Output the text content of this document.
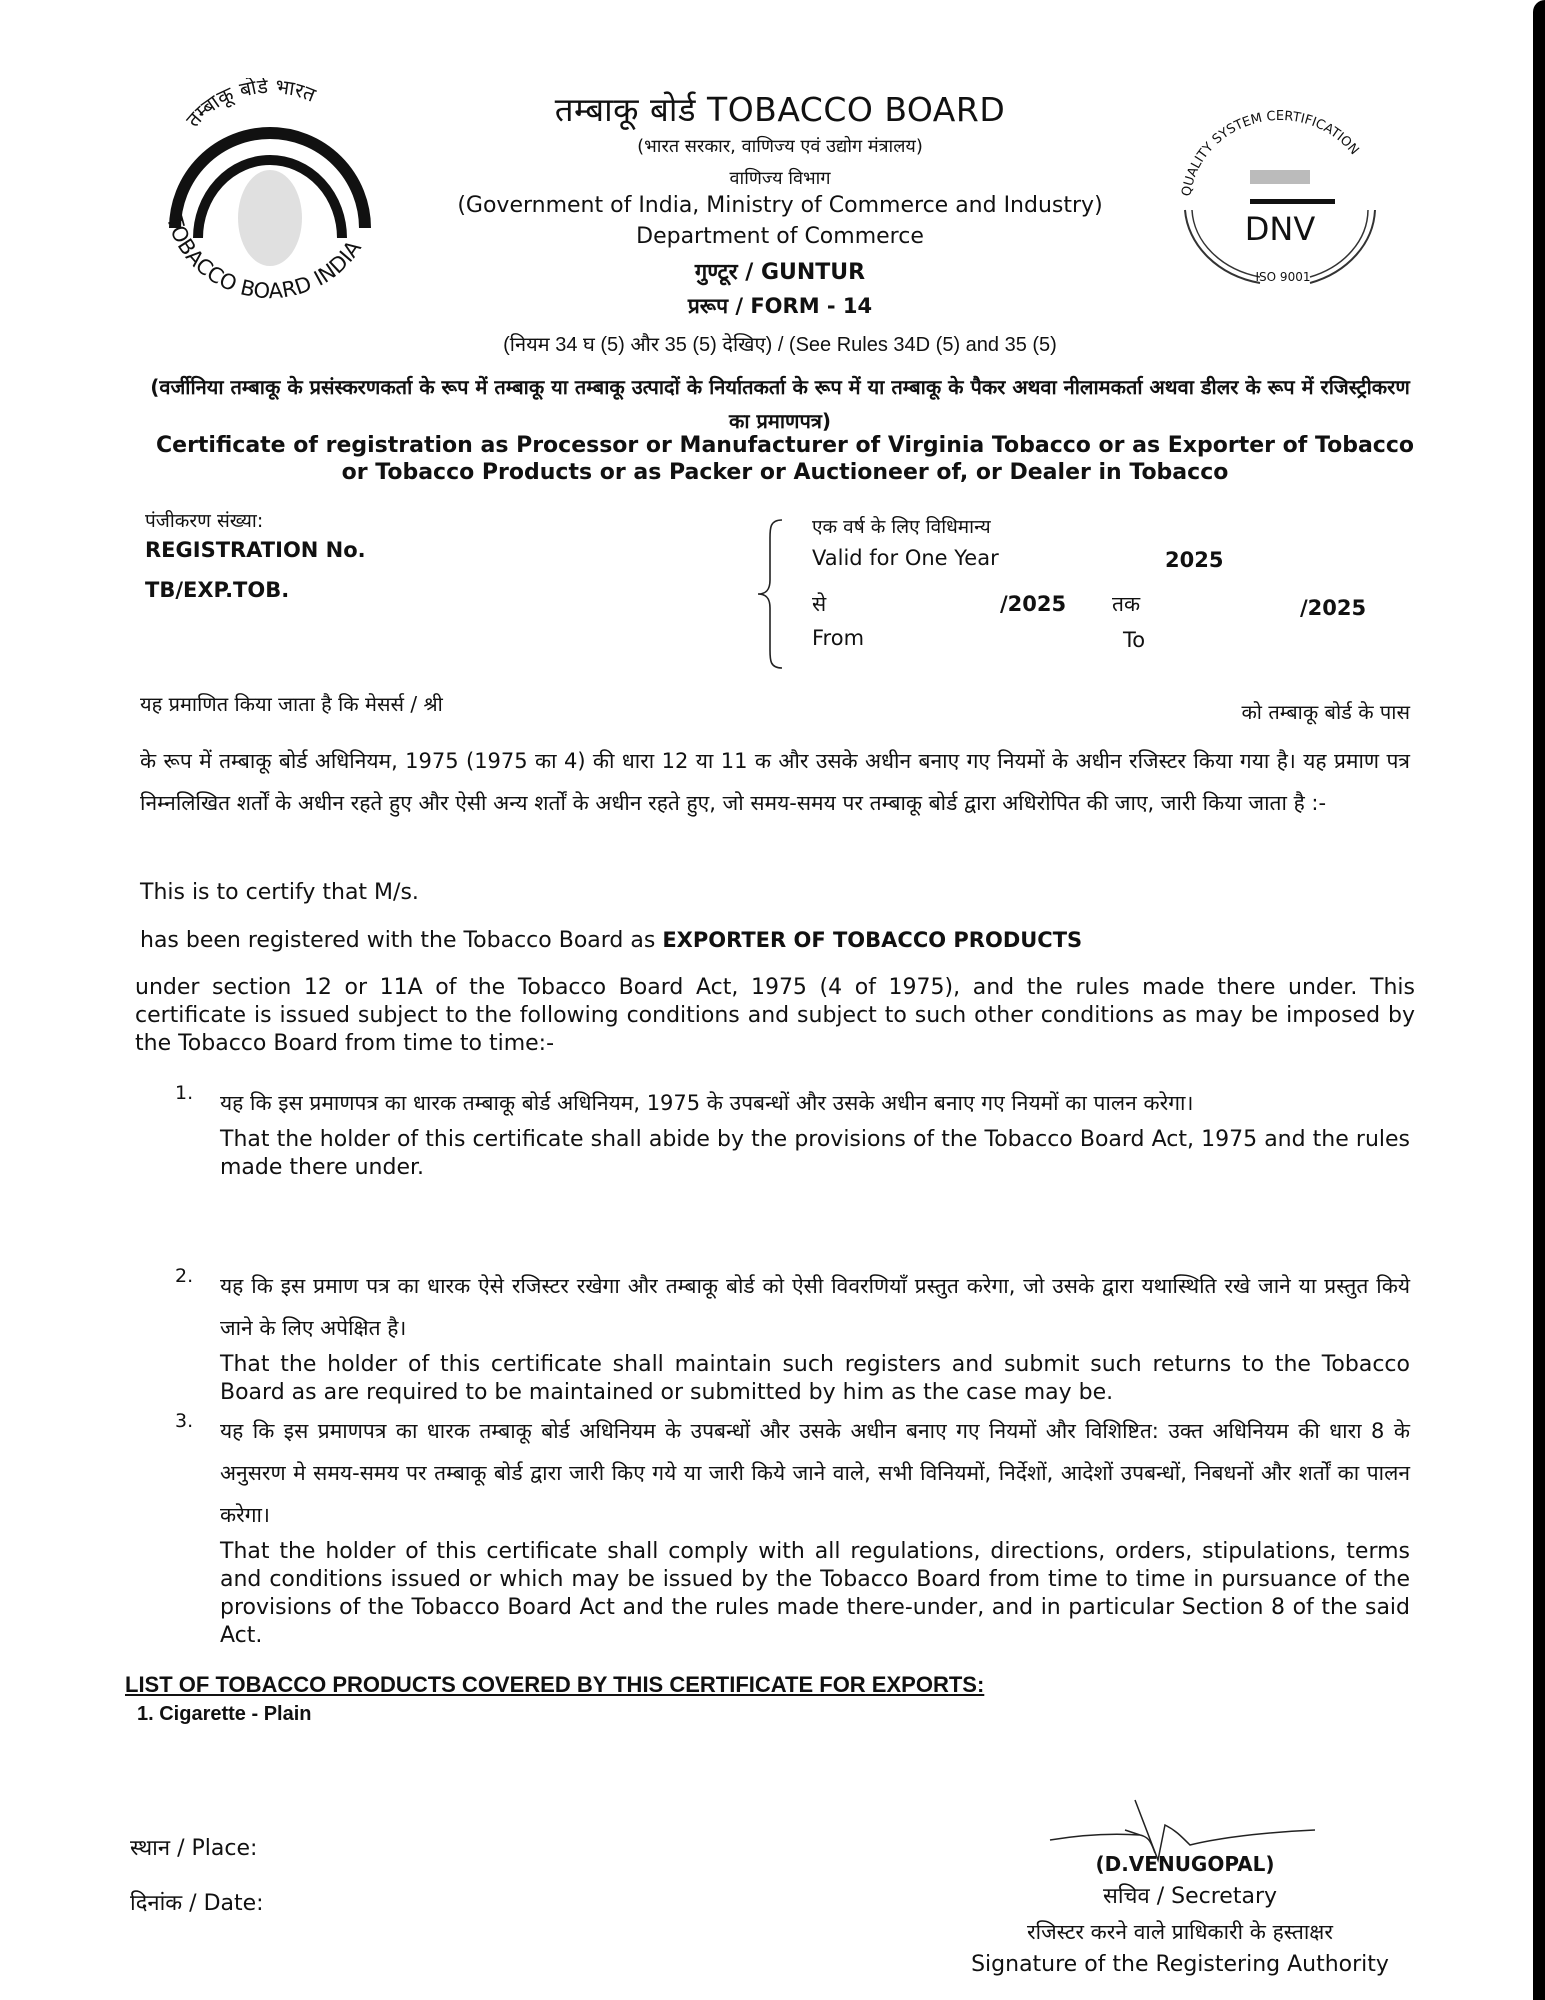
तम्बाकू बोर्ड भारत
TOBACCO BOARD INDIA
QUALITY SYSTEM CERTIFICATION
DNV
ISO 9001
तम्बाकू बोर्ड TOBACCO BOARD
(भारत सरकार, वाणिज्य एवं उद्योग मंत्रालय)
वाणिज्य विभाग
(Government of India, Ministry of Commerce and Industry)
Department of Commerce
गुण्टूर / GUNTUR
प्ररूप / FORM - 14
(नियम 34 घ (5) और 35 (5) देखिए) / (See Rules 34D (5) and 35 (5)
(वर्जीनिया तम्बाकू के प्रसंस्करणकर्ता के रूप में तम्बाकू या तम्बाकू उत्पादों के निर्यातकर्ता के रूप में या तम्बाकू के पैकर अथवा नीलामकर्ता अथवा डीलर के रूप में रजिस्ट्रीकरण का प्रमाणपत्र)
Certificate of registration as Processor or Manufacturer of Virginia Tobacco or as Exporter of Tobacco or Tobacco Products or as Packer or Auctioneer of, or Dealer in Tobacco
पंजीकरण संख्या:
REGISTRATION No.
TB/EXP.TOB.
एक वर्ष के लिए विधिमान्य
Valid for One Year	2025
से	/2025 तक	/2025
From	To
यह प्रमाणित किया जाता है कि मेसर्स / श्री	को तम्बाकू बोर्ड के पास
के रूप में तम्बाकू बोर्ड अधिनियम, 1975 (1975 का 4) की धारा 12 या 11 क और उसके अधीन बनाए गए नियमों के अधीन रजिस्टर किया गया है। यह प्रमाण पत्र निम्नलिखित शर्तों के अधीन रहते हुए और ऐसी अन्य शर्तों के अधीन रहते हुए, जो समय-समय पर तम्बाकू बोर्ड द्वारा अधिरोपित की जाए, जारी किया जाता है :-
This is to certify that M/s.
has been registered with the Tobacco Board as EXPORTER OF TOBACCO PRODUCTS
under section 12 or 11A of the Tobacco Board Act, 1975 (4 of 1975), and the rules made there under. This certificate is issued subject to the following conditions and subject to such other conditions as may be imposed by the Tobacco Board from time to time:-
1. यह कि इस प्रमाणपत्र का धारक तम्बाकू बोर्ड अधिनियम, 1975 के उपबन्धों और उसके अधीन बनाए गए नियमों का पालन करेगा।
That the holder of this certificate shall abide by the provisions of the Tobacco Board Act, 1975 and the rules made there under.
2. यह कि इस प्रमाण पत्र का धारक ऐसे रजिस्टर रखेगा और तम्बाकू बोर्ड को ऐसी विवरणियाँ प्रस्तुत करेगा, जो उसके द्वारा यथास्थिति रखे जाने या प्रस्तुत किये जाने के लिए अपेक्षित है।
That the holder of this certificate shall maintain such registers and submit such returns to the Tobacco Board as are required to be maintained or submitted by him as the case may be.
3. यह कि इस प्रमाणपत्र का धारक तम्बाकू बोर्ड अधिनियम के उपबन्धों और उसके अधीन बनाए गए नियमों और विशिष्टित: उक्त अधिनियम की धारा 8 के अनुसरण मे समय-समय पर तम्बाकू बोर्ड द्वारा जारी किए गये या जारी किये जाने वाले, सभी विनियमों, निर्देशों, आदेशों उपबन्धों, निबधनों और शर्तों का पालन करेगा।
That the holder of this certificate shall comply with all regulations, directions, orders, stipulations, terms and conditions issued or which may be issued by the Tobacco Board from time to time in pursuance of the provisions of the Tobacco Board Act and the rules made there-under, and in particular Section 8 of the said Act.
LIST OF TOBACCO PRODUCTS COVERED BY THIS CERTIFICATE FOR EXPORTS:
1. Cigarette - Plain
स्थान / Place:
दिनांक / Date:
(D.VENUGOPAL)
सचिव / Secretary
रजिस्टर करने वाले प्राधिकारी के हस्ताक्षर
Signature of the Registering Authority
